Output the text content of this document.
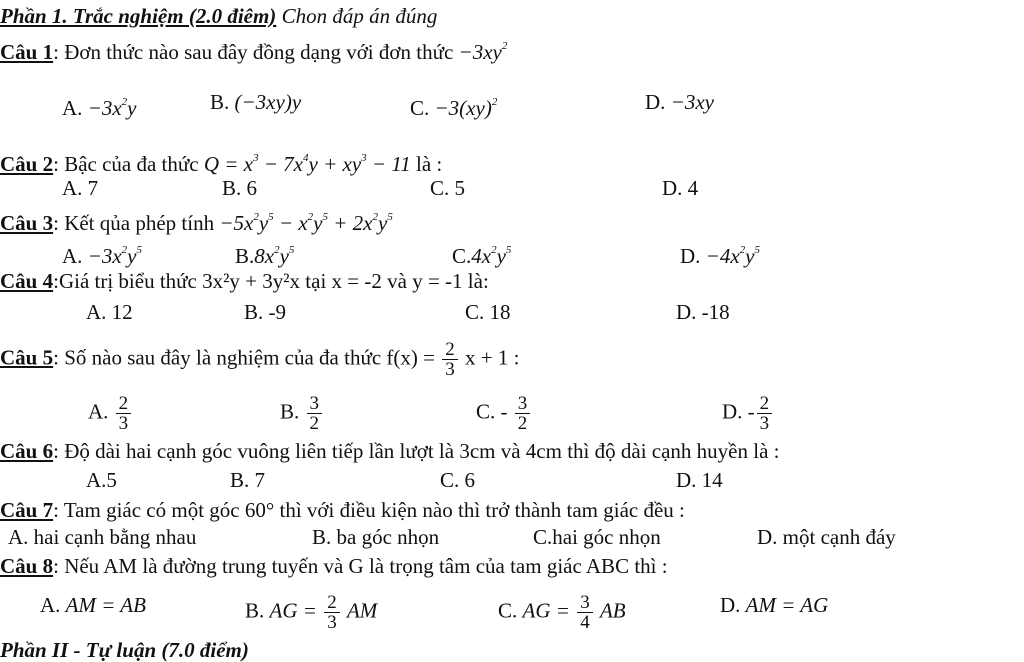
Phần 1. Trắc nghiệm (2.0 điêm) Chon đáp án đúng
Câu 1: Đơn thức nào sau đây đồng dạng với đơn thức $-3xy^2$
A. $-3x^2y$	B. (−3xy)y	C. −3(xy)$^2$	D. −3xy
Câu 2: Bậc của đa thức $Q = x^3 - 7x^4y + xy^3 - 11$ là :
A. 7	B. 6	C. 5	D. 4
Câu 3: Kết qủa phép tính $-5x^2y^5 - x^2y^5 + 2x^2y^5$
A. $-3x^2y^5$	$B.8x^2y^5$	$C.4x^2y^5$	D. $-4x^2y^5$
Câu 4:Giá trị biểu thức 3x²y + 3y²x tại x = -2 và y = -1 là:
A. 12	B. -9	C. 18	D. -18
Câu 5: Số nào sau đây là nghiệm của đa thức $f(x) = \frac{2}{3}$ x + 1 :
A. $\frac{2}{3}$	B. $\frac{3}{2}$	C. - $\frac{3}{2}$	D. - $\frac{2}{3}$
Câu 6: Độ dài hai cạnh góc vuông liên tiếp lần lượt là 3cm và 4cm thì độ dài cạnh huyền là :
A.5	B. 7	C. 6	D. 14
Câu 7: Tam giác có một góc 60° thì với điều kiện nào thì trở thành tam giác đều :
A. hai cạnh bằng nhau	B. ba góc nhọn	C.hai góc nhọn	D. một cạnh đáy
Câu 8: Nếu AM là đường trung tuyến và G là trọng tâm của tam giác ABC thì :
A. AM = AB	B. AG = $\frac{2}{3}$ AM	C. AG = $\frac{3}{4}$ AB	D. AM = AG
Phần II - Tự luận (7.0 điểm)
